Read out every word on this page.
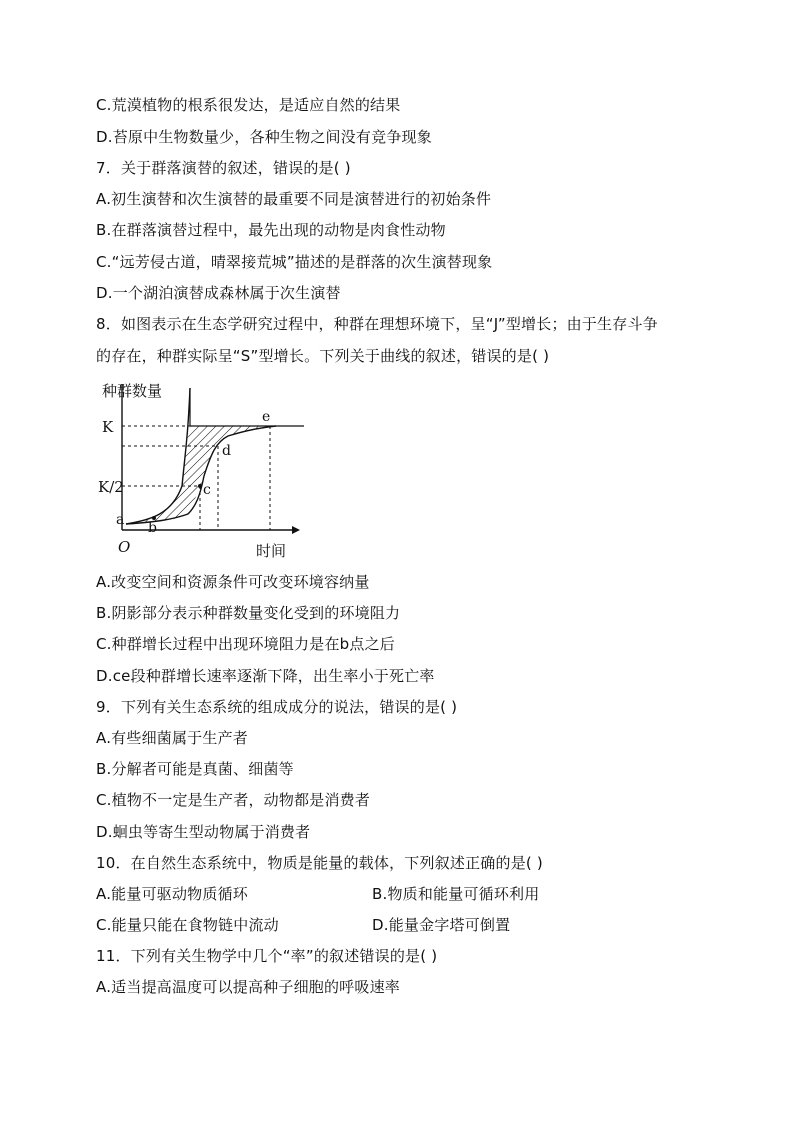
C.荒漠植物的根系很发达，是适应自然的结果
D.苔原中生物数量少，各种生物之间没有竞争现象
7．关于群落演替的叙述，错误的是( )
A.初生演替和次生演替的最重要不同是演替进行的初始条件
B.在群落演替过程中，最先出现的动物是肉食性动物
C.“远芳侵古道，晴翠接荒城”描述的是群落的次生演替现象
D.一个湖泊演替成森林属于次生演替
8．如图表示在生态学研究过程中，种群在理想环境下，呈“J”型增长；由于生存斗争
的存在，种群实际呈“S”型增长。下列关于曲线的叙述，错误的是( )
种群数量
时间
K
K/2
O
a b
c
d
e
A.改变空间和资源条件可改变环境容纳量
B.阴影部分表示种群数量变化受到的环境阻力
C.种群增长过程中出现环境阻力是在b点之后
D.ce段种群增长速率逐渐下降，出生率小于死亡率
9．下列有关生态系统的组成成分的说法，错误的是( )
A.有些细菌属于生产者
B.分解者可能是真菌、细菌等
C.植物不一定是生产者，动物都是消费者
D.蛔虫等寄生型动物属于消费者
10．在自然生态系统中，物质是能量的载体，下列叙述正确的是( )
A.能量可驱动物质循环	B.物质和能量可循环利用
C.能量只能在食物链中流动	D.能量金字塔可倒置
11．下列有关生物学中几个“率”的叙述错误的是( )
A.适当提高温度可以提高种子细胞的呼吸速率
